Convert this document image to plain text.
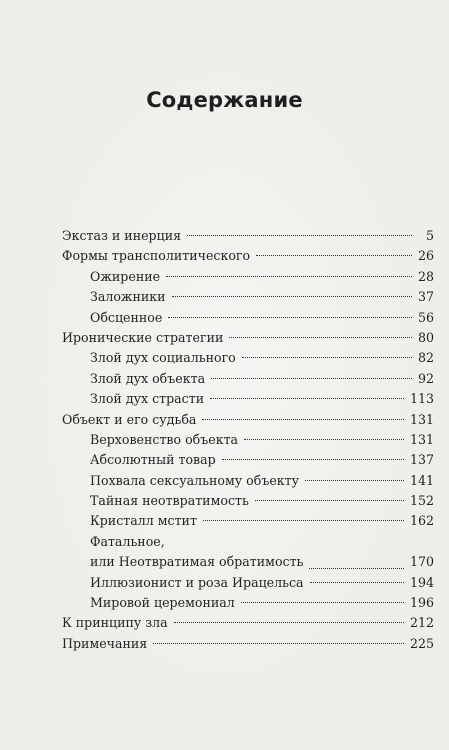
Содержание
Экстаз и инерция	5
Формы трансполитического	26
Ожирение	28
Заложники	37
Обсценное	56
Иронические стратегии	80
Злой дух социального	82
Злой дух объекта	92
Злой дух страсти	113
Объект и его судьба	131
Верховенство объекта	131
Абсолютный товар	137
Похвала сексуальному объекту	141
Тайная неотвратимость	152
Кристалл мстит	162
Фатальное,
или Неотвратимая обратимость	170
Иллюзионист и роза Ирацельса	194
Мировой церемониал	196
К принципу зла	212
Примечания	225
